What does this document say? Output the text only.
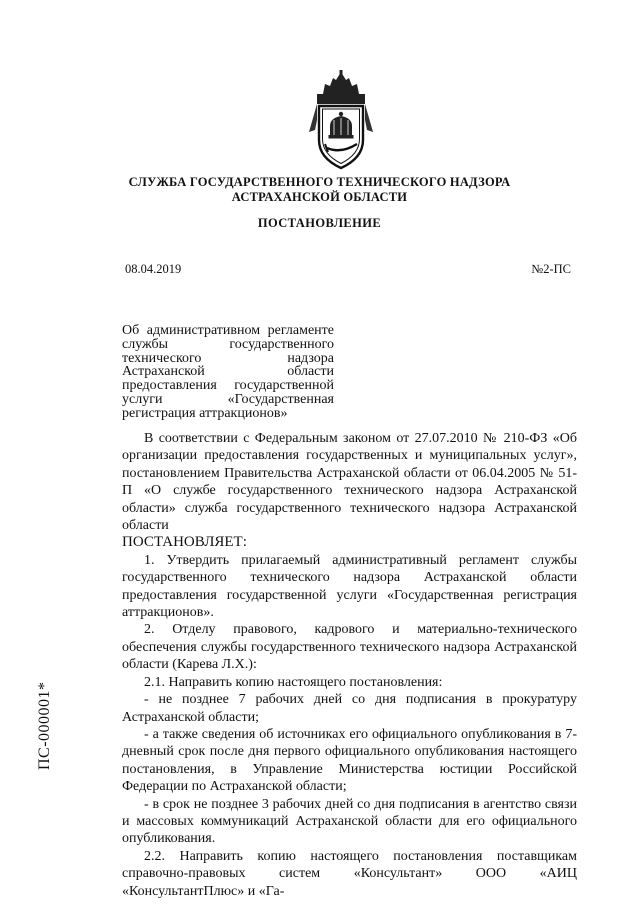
СЛУЖБА ГОСУДАРСТВЕННОГО ТЕХНИЧЕСКОГО НАДЗОРА
АСТРАХАНСКОЙ ОБЛАСТИ
ПОСТАНОВЛЕНИЕ
08.04.2019	№2-ПС
Об административном регламенте службы государственного технического надзора Астраханской области предоставления государственной услуги «Государственная регистрация аттракционов»

В соответствии с Федеральным законом от 27.07.2010 № 210-ФЗ «Об организации предоставления государственных и муниципальных услуг», постановлением Правительства Астраханской области от 06.04.2005 № 51-П «О службе государственного технического надзора Астраханской области» служба государственного технического надзора Астраханской области

ПОСТАНОВЛЯЕТ:

1. Утвердить прилагаемый административный регламент службы государственного технического надзора Астраханской области предоставления государственной услуги «Государственная регистрация аттракционов».

2. Отделу правового, кадрового и материально-технического обеспечения службы государственного технического надзора Астраханской области (Карева Л.Х.):

2.1. Направить копию настоящего постановления:

- не позднее 7 рабочих дней со дня подписания в прокуратуру Астраханской области;

- а также сведения об источниках его официального опубликования в 7-дневный срок после дня первого официального опубликования настоящего постановления, в Управление Министерства юстиции Российской Федерации по Астраханской области;

- в срок не позднее 3 рабочих дней со дня подписания в агентство связи и массовых коммуникаций Астраханской области для его официального опубликования.

2.2. Направить копию настоящего постановления поставщикам справочно-правовых систем «Консультант» ООО «АИЦ «КонсультантПлюс» и «Га-

ПС-000001*
